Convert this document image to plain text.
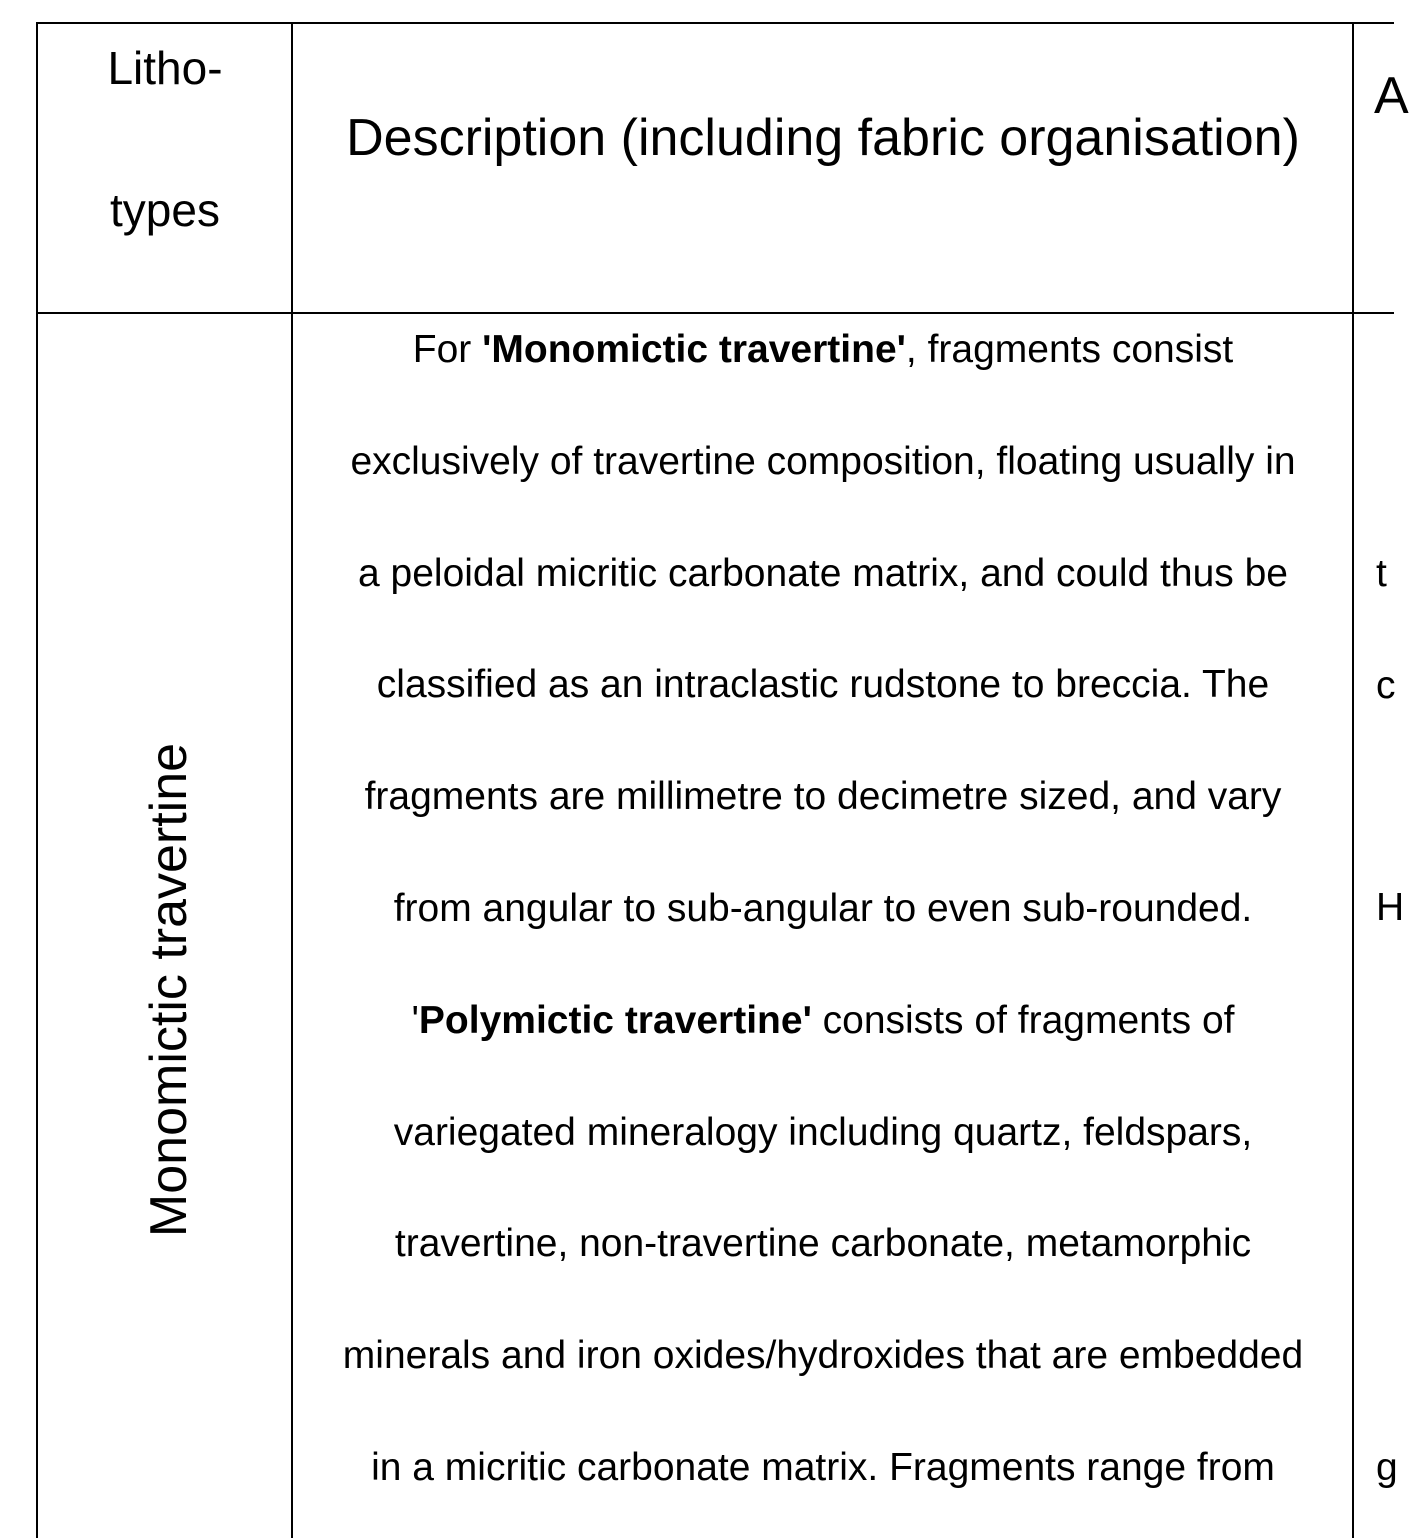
Litho-
types
Description (including fabric organisation)
A
Monomictic travertine
For 'Monomictic travertine', fragments consist
exclusively of travertine composition, floating usually in
a peloidal micritic carbonate matrix, and could thus be
classified as an intraclastic rudstone to breccia. The
fragments are millimetre to decimetre sized, and vary
from angular to sub-angular to even sub-rounded.
'Polymictic travertine' consists of fragments of
variegated mineralogy including quartz, feldspars,
travertine, non-travertine carbonate, metamorphic
minerals and iron oxides/hydroxides that are embedded
in a micritic carbonate matrix. Fragments range from
t
c
H
g
